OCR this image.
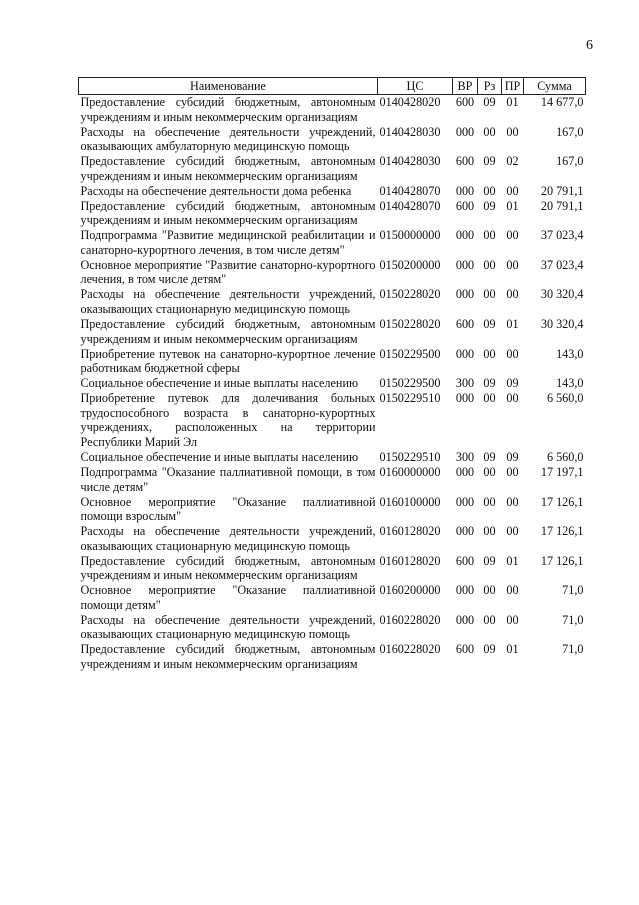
6
Наименование	ЦС	ВР	Рз	ПР	Сумма
Предоставление субсидий бюджетным, автономным учреждениям и иным некоммерческим организациям	0140428020	600	09	01	14 677,0
Расходы на обеспечение деятельности учреждений, оказывающих амбулаторную медицинскую помощь	0140428030	000	00	00	167,0
Предоставление субсидий бюджетным, автономным учреждениям и иным некоммерческим организациям	0140428030	600	09	02	167,0
Расходы на обеспечение деятельности дома ребенка	0140428070	000	00	00	20 791,1
Предоставление субсидий бюджетным, автономным учреждениям и иным некоммерческим организациям	0140428070	600	09	01	20 791,1
Подпрограмма "Развитие медицинской реабилитации и санаторно-курортного лечения, в том числе детям"	0150000000	000	00	00	37 023,4
Основное мероприятие "Развитие санаторно-курортного лечения, в том числе детям"	0150200000	000	00	00	37 023,4
Расходы на обеспечение деятельности учреждений, оказывающих стационарную медицинскую помощь	0150228020	000	00	00	30 320,4
Предоставление субсидий бюджетным, автономным учреждениям и иным некоммерческим организациям	0150228020	600	09	01	30 320,4
Приобретение путевок на санаторно-курортное лечение работникам бюджетной сферы	0150229500	000	00	00	143,0
Социальное обеспечение и иные выплаты населению	0150229500	300	09	09	143,0
Приобретение путевок для долечивания больных трудоспособного возраста в санаторно-курортных учреждениях, расположенных на территории Республики Марий Эл	0150229510	000	00	00	6 560,0
Социальное обеспечение и иные выплаты населению	0150229510	300	09	09	6 560,0
Подпрограмма "Оказание паллиативной помощи, в том числе детям"	0160000000	000	00	00	17 197,1
Основное мероприятие "Оказание паллиативной помощи взрослым"	0160100000	000	00	00	17 126,1
Расходы на обеспечение деятельности учреждений, оказывающих стационарную медицинскую помощь	0160128020	000	00	00	17 126,1
Предоставление субсидий бюджетным, автономным учреждениям и иным некоммерческим организациям	0160128020	600	09	01	17 126,1
Основное мероприятие "Оказание паллиативной помощи детям"	0160200000	000	00	00	71,0
Расходы на обеспечение деятельности учреждений, оказывающих стационарную медицинскую помощь	0160228020	000	00	00	71,0
Предоставление субсидий бюджетным, автономным учреждениям и иным некоммерческим организациям	0160228020	600	09	01	71,0
